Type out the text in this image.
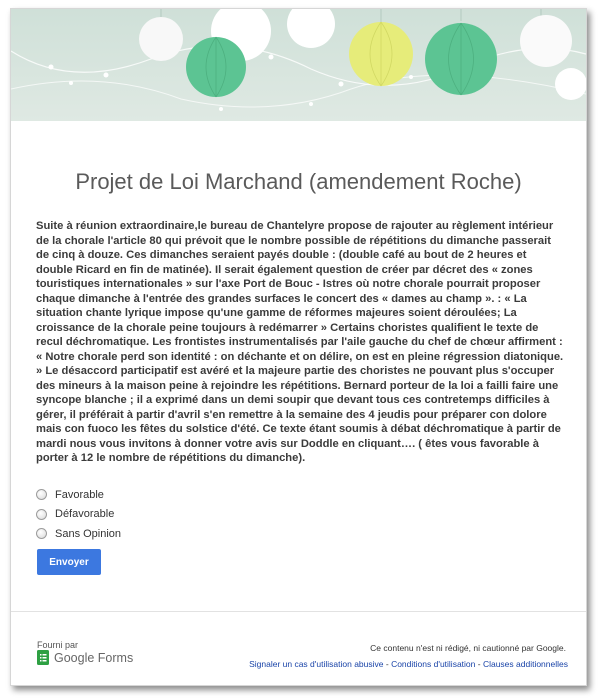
Projet de Loi Marchand (amendement Roche)
Suite à réunion extraordinaire,le bureau de Chantelyre propose de rajouter au règlement intérieur de la chorale l'article 80 qui prévoit que le nombre possible de répétitions du dimanche passerait de cinq à douze. Ces dimanches seraient payés double : (double café au bout de 2 heures et double Ricard en fin de matinée). Il serait également question de créer par décret des « zones touristiques internationales » sur l'axe Port de Bouc - Istres où notre chorale pourrait proposer chaque dimanche à l'entrée des grandes surfaces le concert des « dames au champ ». : « La situation chante lyrique impose qu'une gamme de réformes majeures soient déroulées; La croissance de la chorale peine toujours à redémarrer » Certains choristes qualifient le texte de recul déchromatique. Les frontistes instrumentalisés par l'aile gauche du chef de chœur affirment : « Notre chorale perd son identité : on déchante et on délire, on est en pleine régression diatonique. » Le désaccord participatif est avéré et la majeure partie des choristes ne pouvant plus s'occuper des mineurs à la maison peine à rejoindre les répétitions. Bernard porteur de la loi a failli faire une syncope blanche ; il a exprimé dans un demi soupir que devant tous ces contretemps difficiles à gérer, il préférait à partir d'avril s'en remettre à la semaine des 4 jeudis pour préparer con dolore mais con fuoco les fêtes du solstice d'été. Ce texte étant soumis à débat déchromatique à partir de mardi nous vous invitons à donner votre avis sur Doddle en cliquant…. ( êtes vous favorable à porter à 12 le nombre de répétitions du dimanche).
Favorable
Défavorable
Sans Opinion
Envoyer
Fourni par
Google Forms
Ce contenu n'est ni rédigé, ni cautionné par Google.
Signaler un cas d'utilisation abusive - Conditions d'utilisation - Clauses additionnelles
